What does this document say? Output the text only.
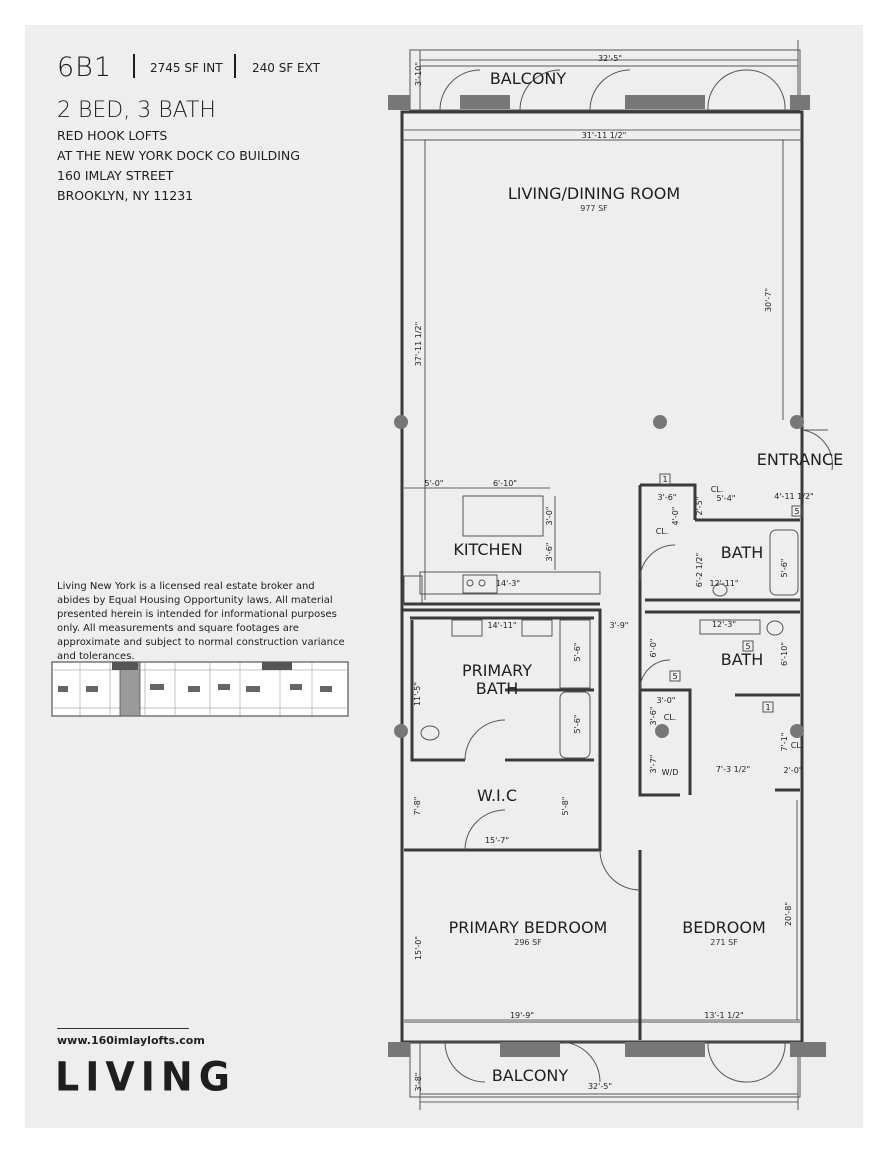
6B1	2745 SF INT 240 SF EXT
2 BED, 3 BATH
RED HOOK LOFTS
AT THE NEW YORK DOCK CO BUILDING
160 IMLAY STREET
BROOKLYN, NY 11231
Living New York is a licensed real estate broker and abides by Equal Housing Opportunity laws. All material presented herein is intended for informational purposes only. All measurements and square footages are approximate and subject to normal construction variance and tolerances.
www.160imlaylofts.com
LIVING
BALCONY
LIVING/DINING ROOM
977 SF
ENTRANCE
KITCHEN	BATH
BATH
PRIMARY
BATH
W.I.C
PRIMARY BEDROOM
296 SF
BEDROOM
271 SF
CL.
CL.
CL.
W/D
CL.
1
5
5
5
1
32'-5"
3'-10"
31'-11 1/2"
30'-7"
37'-11 1/2"
5'-0"	6'-10"
3'-0"
3'-6"
14'-3"
3'-6"
4'-0"
2'-5" 5'-4"	4'-11 1/2"
6'-2 1/2" 12'-11"
5'-6"
14'-11"
5'-6"
5'-6"
11'-5"
3'-9"	12'-3"
6'-10"
6'-0"
3'-0"
3'-6"
3'-7"	7'-3 1/2"
7'-1"
2'-0"
7'-8"	5'-8"
15'-7"
15'-0"
20'-8"
19'-9"	13'-1 1/2"
BALCONY
32'-5"
3'-8"
